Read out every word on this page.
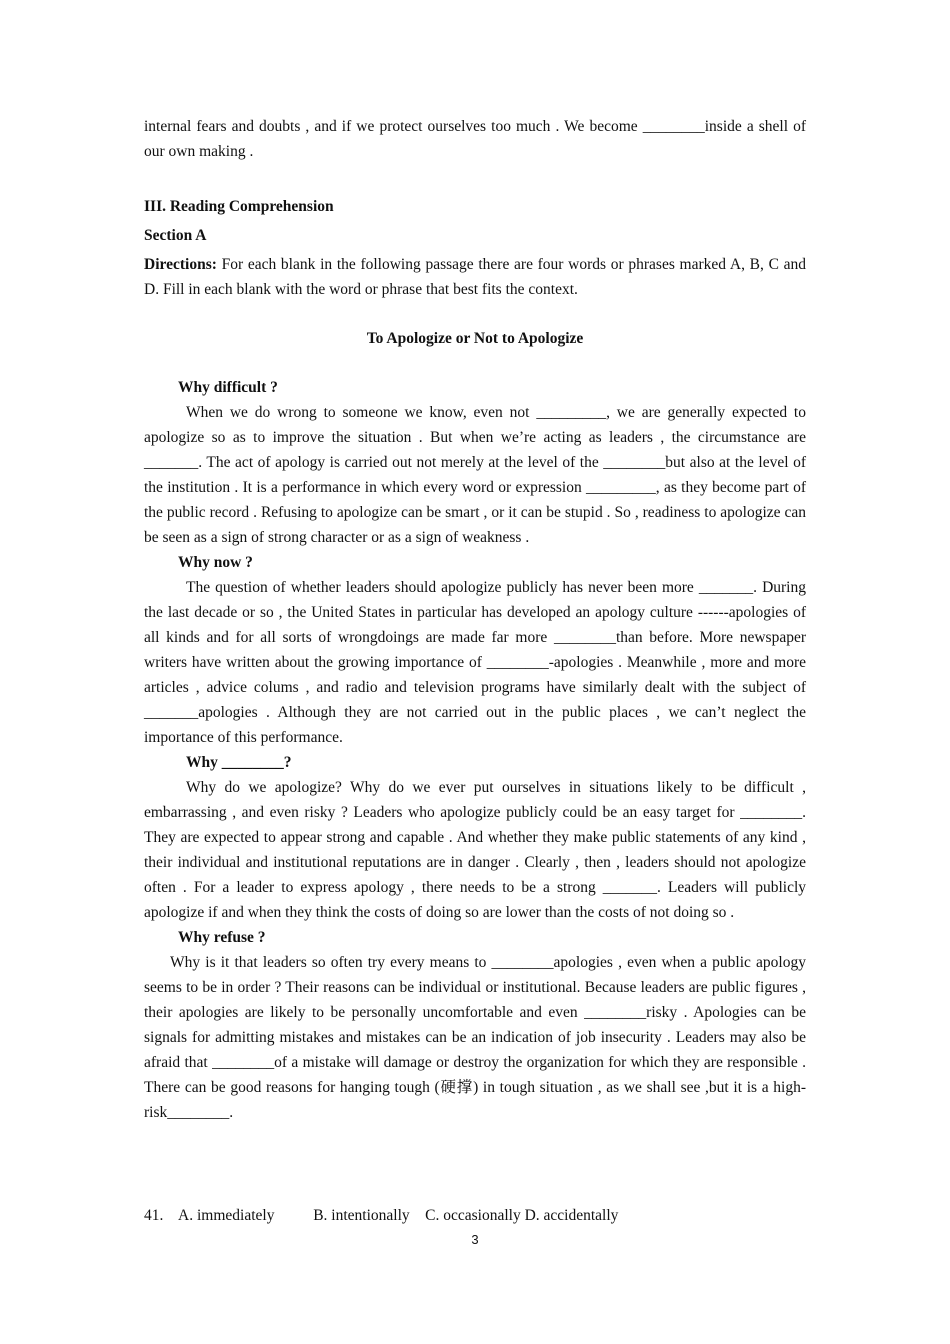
internal fears and doubts , and if we protect ourselves too much . We become ________inside a shell of our own making .

III. Reading Comprehension

Section A

Directions: For each blank in the following passage there are four words or phrases marked A, B, C and D. Fill in each blank with the word or phrase that best fits the context.

To Apologize or Not to Apologize

Why difficult ?

When we do wrong to someone we know, even not _________, we are generally expected to apologize so as to improve the situation . But when we’re acting as leaders , the circumstance are _______. The act of apology is carried out not merely at the level of the ________but also at the level of the institution . It is a performance in which every word or expression _________, as they become part of the public record . Refusing to apologize can be smart , or it can be stupid . So , readiness to apologize can be seen as a sign of strong character or as a sign of weakness .

Why now ?

The question of whether leaders should apologize publicly has never been more _______. During the last decade or so , the United States in particular has developed an apology culture ------apologies of all kinds and for all sorts of wrongdoings are made far more ________than before. More newspaper writers have written about the growing importance of ________-apologies . Meanwhile , more and more articles , advice colums , and radio and television programs have similarly dealt with the subject of _______apologies . Although they are not carried out in the public places , we can’t neglect the importance of this performance.

Why ________?

Why do we apologize? Why do we ever put ourselves in situations likely to be difficult , embarrassing , and even risky ? Leaders who apologize publicly could be an easy target for ________. They are expected to appear strong and capable . And whether they make public statements of any kind , their individual and institutional reputations are in danger . Clearly , then , leaders should not apologize often . For a leader to express apology , there needs to be a strong _______. Leaders will publicly apologize if and when they think the costs of doing so are lower than the costs of not doing so .

Why refuse ?

Why is it that leaders so often try every means to ________apologies , even when a public apology seems to be in order ? Their reasons can be individual or institutional. Because leaders are public figures , their apologies are likely to be personally uncomfortable and even ________risky . Apologies can be signals for admitting mistakes and mistakes can be an indication of job insecurity . Leaders may also be afraid that ________of a mistake will damage or destroy the organization for which they are responsible . There can be good reasons for hanging tough (硬撑) in tough situation , as we shall see ,but it is a high-risk________.

41. A. immediately	B. intentionally C. occasionally D. accidentally
3
